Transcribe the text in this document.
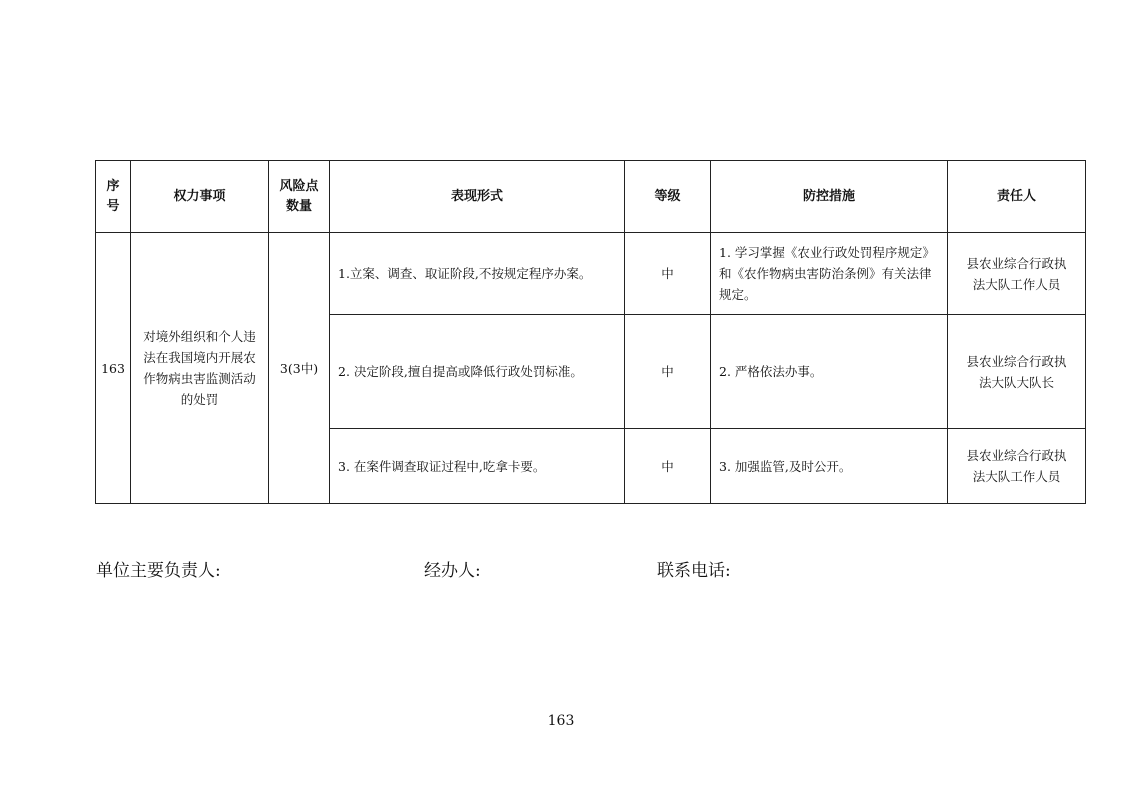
序号	权力事项	风险点数量	表现形式	等级	防控措施	责任人
163	对境外组织和个人违法在我国境内开展农作物病虫害监测活动的处罚	3(3中)	1.立案、调查、取证阶段,不按规定程序办案。	中	1. 学习掌握《农业行政处罚程序规定》和《农作物病虫害防治条例》有关法律规定。	县农业综合行政执法大队工作人员

			2. 决定阶段,擅自提高或降低行政处罚标准。	中	2. 严格依法办事。	县农业综合行政执法大队大队长

			3. 在案件调查取证过程中,吃拿卡要。	中	3. 加强监管,及时公开。	县农业综合行政执法大队工作人员
单位主要负责人:	经办人:	联系电话:
163
